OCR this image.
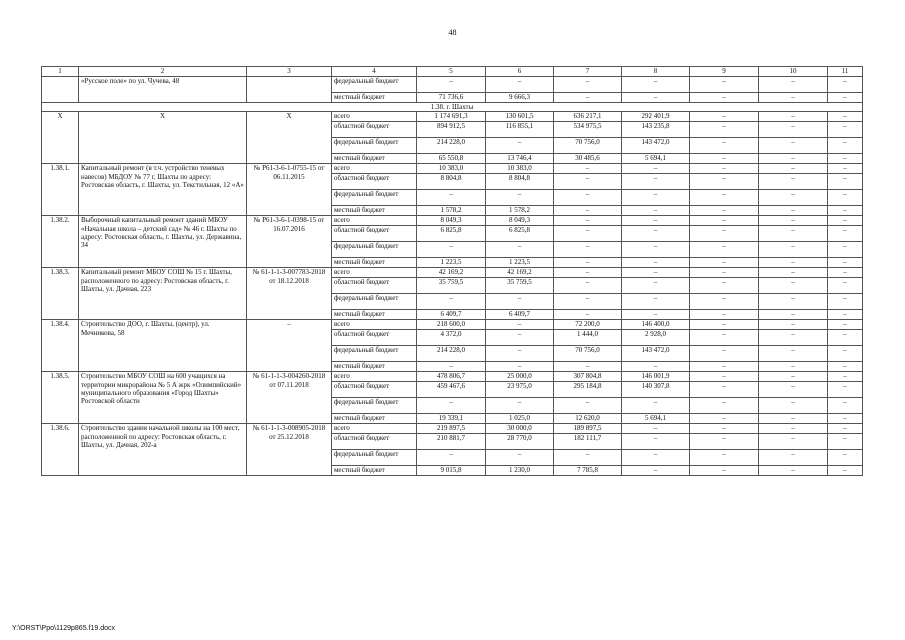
48
1	2	3	4	5	6	7	8	9	10	11
	«Русское поле» по ул. Чучева, 48		федеральный бюджет	–	–	–	–	–	–	–
			местный бюджет	71 736,6	9 666,3	–	–	–	–	–
1.38. г. Шахты										
Х	Х	Х	всего	1 174 691,3	130 601,5	636 217,1	292 401,9	–	–	–
			областной бюджет	894 912,5	116 855,1	534 975,5	143 235,8	–	–	–
			федеральный бюджет	214 228,0	–	70 756,0	143 472,0	–	–	–
			местный бюджет	65 550,8	13 746,4	30 485,6	5 694,1	–	–	–
1.38.1.	Капитальный ремонт (в т.ч. устройство теневых навесов) МБДОУ № 77 г. Шахты по адресу: Ростовская область, г. Шахты, ул. Текстильная, 12 «А»	№ Р61-3-6-1-0755-15 от 06.11.2015	всего	10 383,0	10 383,0	–	–	–	–	–
			областной бюджет	8 804,8	8 804,8	–	–	–	–	–
			федеральный бюджет	–	–	–	–	–	–	–
			местный бюджет	1 578,2	1 578,2	–	–	–	–	–
1.38.2.	Выборочный капитальный ремонт зданий МБОУ «Начальная школа – детский сад» № 46 г. Шахты по адресу: Ростовская область, г. Шахты, ул. Державина, 34	№ Р61-3-6-1-0398-15 от 16.07.2016	всего	8 049,3	8 049,3	–	–	–	–	–
			областной бюджет	6 825,8	6 825,8	–	–	–	–	–
			федеральный бюджет	–	–	–	–	–	–	–
			местный бюджет	1 223,5	1 223,5	–	–	–	–	–
1.38.3.	Капитальный ремонт МБОУ СОШ № 15 г. Шахты, расположенного по адресу: Ростовская область, г. Шахты, ул. Дачная, 223	№ 61-1-1-3-007783-2018 от 18.12.2018	всего	42 169,2	42 169,2	–	–	–	–	–
			областной бюджет	35 759,5	35 759,5	–	–	–	–	–
			федеральный бюджет	–	–	–	–	–	–	–
			местный бюджет	6 409,7	6 409,7	–	–	–	–	–
1.38.4.	Строительство ДОО, г. Шахты, (центр), ул. Мечникова, 58	–	всего	218 600,0	–	72 200,0	146 400,0	–	–	–
			областной бюджет	4 372,0	–	1 444,0	2 928,0	–	–	–
			федеральный бюджет	214 228,0	–	70 756,0	143 472,0	–	–	–
			местный бюджет	–	–	–	–	–	–	–
1.38.5.	Строительство МБОУ СОШ на 600 учащихся на территории микрорайона № 5 А жрк «Олимпийский» муниципального образования «Город Шахты» Ростовской области	№ 61-1-1-3-004260-2018 от 07.11.2018	всего	478 806,7	25 000,0	307 804,8	146 001,9	–	–	–
			областной бюджет	459 467,6	23 975,0	295 184,8	140 307,8	–	–	–
			федеральный бюджет	–	–	–	–	–	–	–
			местный бюджет	19 339,1	1 025,0	12 620,0	5 694,1	–	–	–
1.38.6.	Строительство здания начальной школы на 100 мест, расположенной по адресу: Ростовская область, г. Шахты, ул. Дачная, 202-а	№ 61-1-1-3-008905-2018 от 25.12.2018	всего	219 897,5	30 000,0	189 897,5	–	–	–	–
			областной бюджет	210 881,7	28 770,0	182 111,7	–	–	–	–
			федеральный бюджет	–	–	–	–	–	–	–
			местный бюджет	9 015,8	1 230,0	7 785,8	–	–	–	–
Y:\ORST\Ppo\1129p865.f19.docx
